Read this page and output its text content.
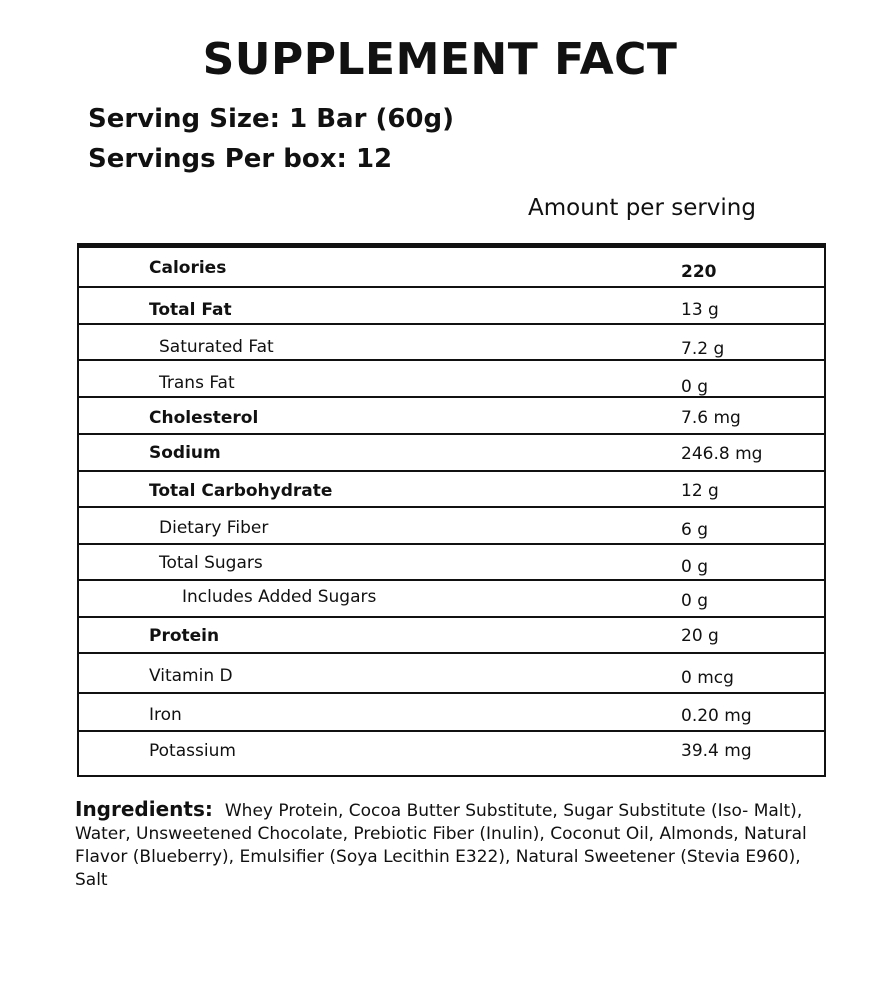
SUPPLEMENT FACT

Serving Size: 1 Bar (60g)

Servings Per box: 12

Amount per serving

Calories	220
Total Fat	13 g
Saturated Fat	7.2 g
Trans Fat	0 g
Cholesterol	7.6 mg
Sodium	246.8 mg
Total Carbohydrate	12 g
Dietary Fiber	6 g
Total Sugars	0 g
Includes Added Sugars	0 g
Protein	20 g
Vitamin D	0 mcg
Iron	0.20 mg
Potassium	39.4 mg

Ingredients: Whey Protein, Cocoa Butter Substitute, Sugar Substitute (Iso- Malt), Water, Unsweetened Chocolate, Prebiotic Fiber (Inulin), Coconut Oil, Almonds, Natural Flavor (Blueberry), Emulsifier (Soya Lecithin E322), Natural Sweetener (Stevia E960), Salt
